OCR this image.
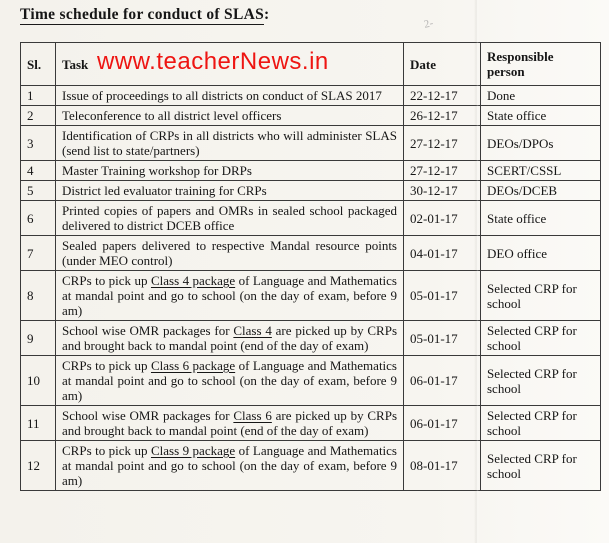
Time schedule for conduct of SLAS:
www.teacherNews.in
2-
Sl.	Task	Date	Responsible person
1	Issue of proceedings to all districts on conduct of SLAS 2017	22-12-17	Done
2	Teleconference to all district level officers	26-12-17	State office
3	Identification of CRPs in all districts who will administer SLAS (send list to state/partners)	27-12-17	DEOs/DPOs
4	Master Training workshop for DRPs	27-12-17	SCERT/CSSL
5	District led evaluator training for CRPs	30-12-17	DEOs/DCEB
6	Printed copies of papers and OMRs in sealed school packaged delivered to district DCEB office	02-01-17	State office
7	Sealed papers delivered to respective Mandal resource points (under MEO control)	04-01-17	DEO office
8	CRPs to pick up Class 4 package of Language and Mathematics at mandal point and go to school (on the day of exam, before 9 am)	05-01-17	Selected CRP for school
9	School wise OMR packages for Class 4 are picked up by CRPs and brought back to mandal point (end of the day of exam)	05-01-17	Selected CRP for school
10	CRPs to pick up Class 6 package of Language and Mathematics at mandal point and go to school (on the day of exam, before 9 am)	06-01-17	Selected CRP for school
11	School wise OMR packages for Class 6 are picked up by CRPs and brought back to mandal point (end of the day of exam)	06-01-17	Selected CRP for school
12	CRPs to pick up Class 9 package of Language and Mathematics at mandal point and go to school (on the day of exam, before 9 am)	08-01-17	Selected CRP for school
